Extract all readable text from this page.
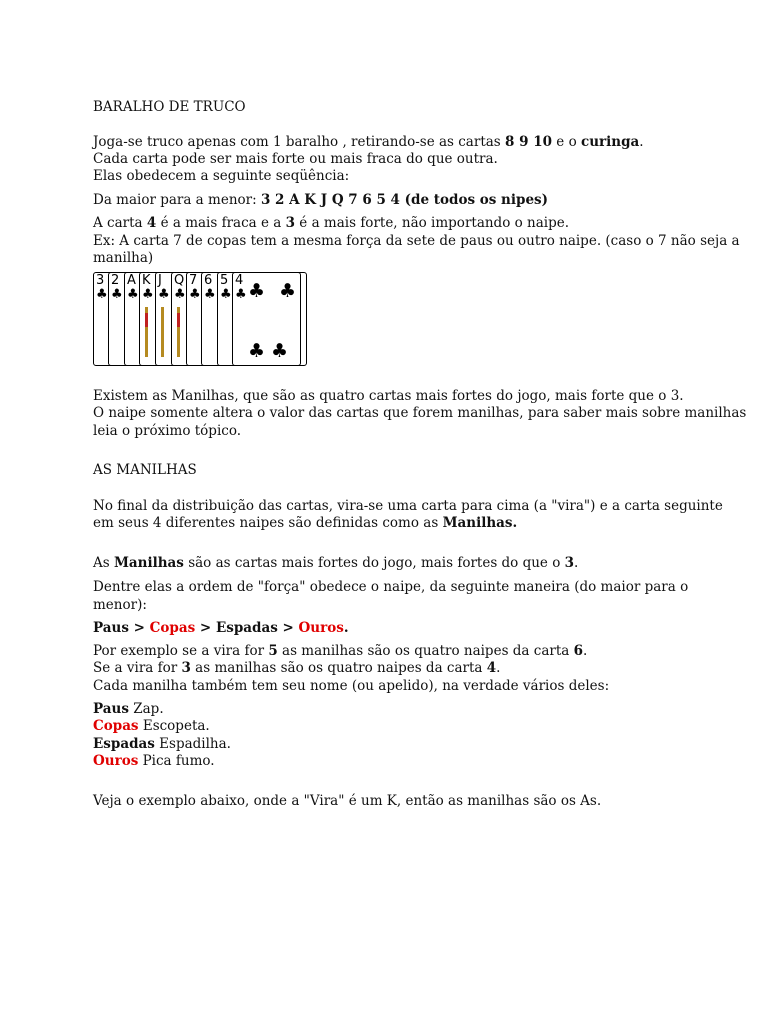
BARALHO DE TRUCO
Joga-se truco apenas com 1 baralho , retirando-se as cartas 8 9 10 e o curinga.
Cada carta pode ser mais forte ou mais fraca do que outra.
Elas obedecem a seguinte seqüência:
Da maior para a menor: 3 2 A K J Q 7 6 5 4 (de todos os nipes)
A carta 4 é a mais fraca e a 3 é a mais forte, não importando o naipe.
Ex: A carta 7 de copas tem a mesma força da sete de paus ou outro naipe. (caso o 7 não seja a
manilha)
3
♣
2
♣
A
♣
K
♣
J
♣
Q
♣
7
♣
6
♣
5
♣
4
♣ ♣ ♣
♣ ♣
Existem as Manilhas, que são as quatro cartas mais fortes do jogo, mais forte que o 3.
O naipe somente altera o valor das cartas que forem manilhas, para saber mais sobre manilhas
leia o próximo tópico.
AS MANILHAS
No final da distribuição das cartas, vira-se uma carta para cima (a "vira") e a carta seguinte
em seus 4 diferentes naipes são definidas como as Manilhas.
As Manilhas são as cartas mais fortes do jogo, mais fortes do que o 3.
Dentre elas a ordem de "força" obedece o naipe, da seguinte maneira (do maior para o
menor):
Paus > Copas > Espadas > Ouros.
Por exemplo se a vira for 5 as manilhas são os quatro naipes da carta 6.
Se a vira for 3 as manilhas são os quatro naipes da carta 4.
Cada manilha também tem seu nome (ou apelido), na verdade vários deles:
Paus Zap.
Copas Escopeta.
Espadas Espadilha.
Ouros Pica fumo.
Veja o exemplo abaixo, onde a "Vira" é um K, então as manilhas são os As.
